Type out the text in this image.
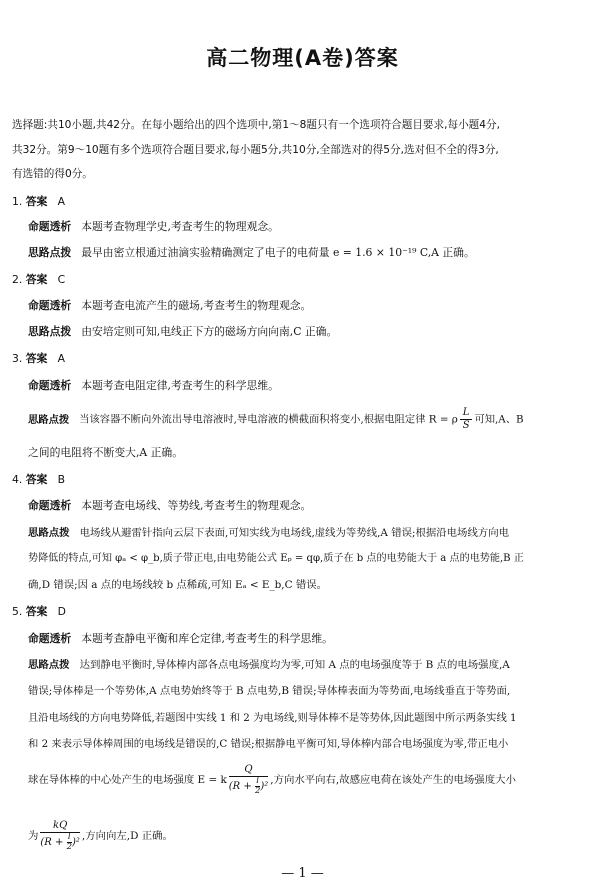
高二物理(A卷)答案
选择题:共10小题,共42分。在每小题给出的四个选项中,第1～8题只有一个选项符合题目要求,每小题4分,
共32分。第9～10题有多个选项符合题目要求,每小题5分,共10分,全部选对的得5分,选对但不全的得3分,
有选错的得0分。
1. 答案 A
命题透析 本题考查物理学史,考查考生的物理观念。
思路点拨 最早由密立根通过油滴实验精确测定了电子的电荷量 e = 1.6 × 10⁻¹⁹ C,A 正确。
2. 答案 C
命题透析 本题考查电流产生的磁场,考查考生的物理观念。
思路点拨 由安培定则可知,电线正下方的磁场方向向南,C 正确。
3. 答案 A
命题透析 本题考查电阻定律,考查考生的科学思维。
思路点拨 当该容器不断向外流出导电溶液时,导电溶液的横截面积将变小,根据电阻定律 R = ρ $\frac{L}{S}$ 可知,A、B
之间的电阻将不断变大,A 正确。
4. 答案 B
命题透析 本题考查电场线、等势线,考查考生的物理观念。
思路点拨 电场线从避雷针指向云层下表面,可知实线为电场线,虚线为等势线,A 错误;根据沿电场线方向电
势降低的特点,可知 φₐ < φ_b,质子带正电,由电势能公式 Eₚ = qφ,质子在 b 点的电势能大于 a 点的电势能,B 正
确,D 错误;因 a 点的电场线较 b 点稀疏,可知 Eₐ < E_b,C 错误。
5. 答案 D
命题透析 本题考查静电平衡和库仑定律,考查考生的科学思维。
思路点拨 达到静电平衡时,导体棒内部各点电场强度均为零,可知 A 点的电场强度等于 B 点的电场强度,A
错误;导体棒是一个等势体,A 点电势始终等于 B 点电势,B 错误;导体棒表面为等势面,电场线垂直于等势面,
且沿电场线的方向电势降低,若题图中实线 1 和 2 为电场线,则导体棒不是等势体,因此题图中所示两条实线 1
和 2 来表示导体棒周围的电场线是错误的,C 错误;根据静电平衡可知,导体棒内部合电场强度为零,带正电小
球在导体棒的中心处产生的电场强度 E = k $\frac{Q}{(R + \frac{l}{2} )^2}$ ,方向水平向右,故感应电荷在该处产生的电场强度大小
为 $\frac{kQ}{(R + \frac{l}{2} )^2}$ ,方向向左,D 正确。
— 1 —
